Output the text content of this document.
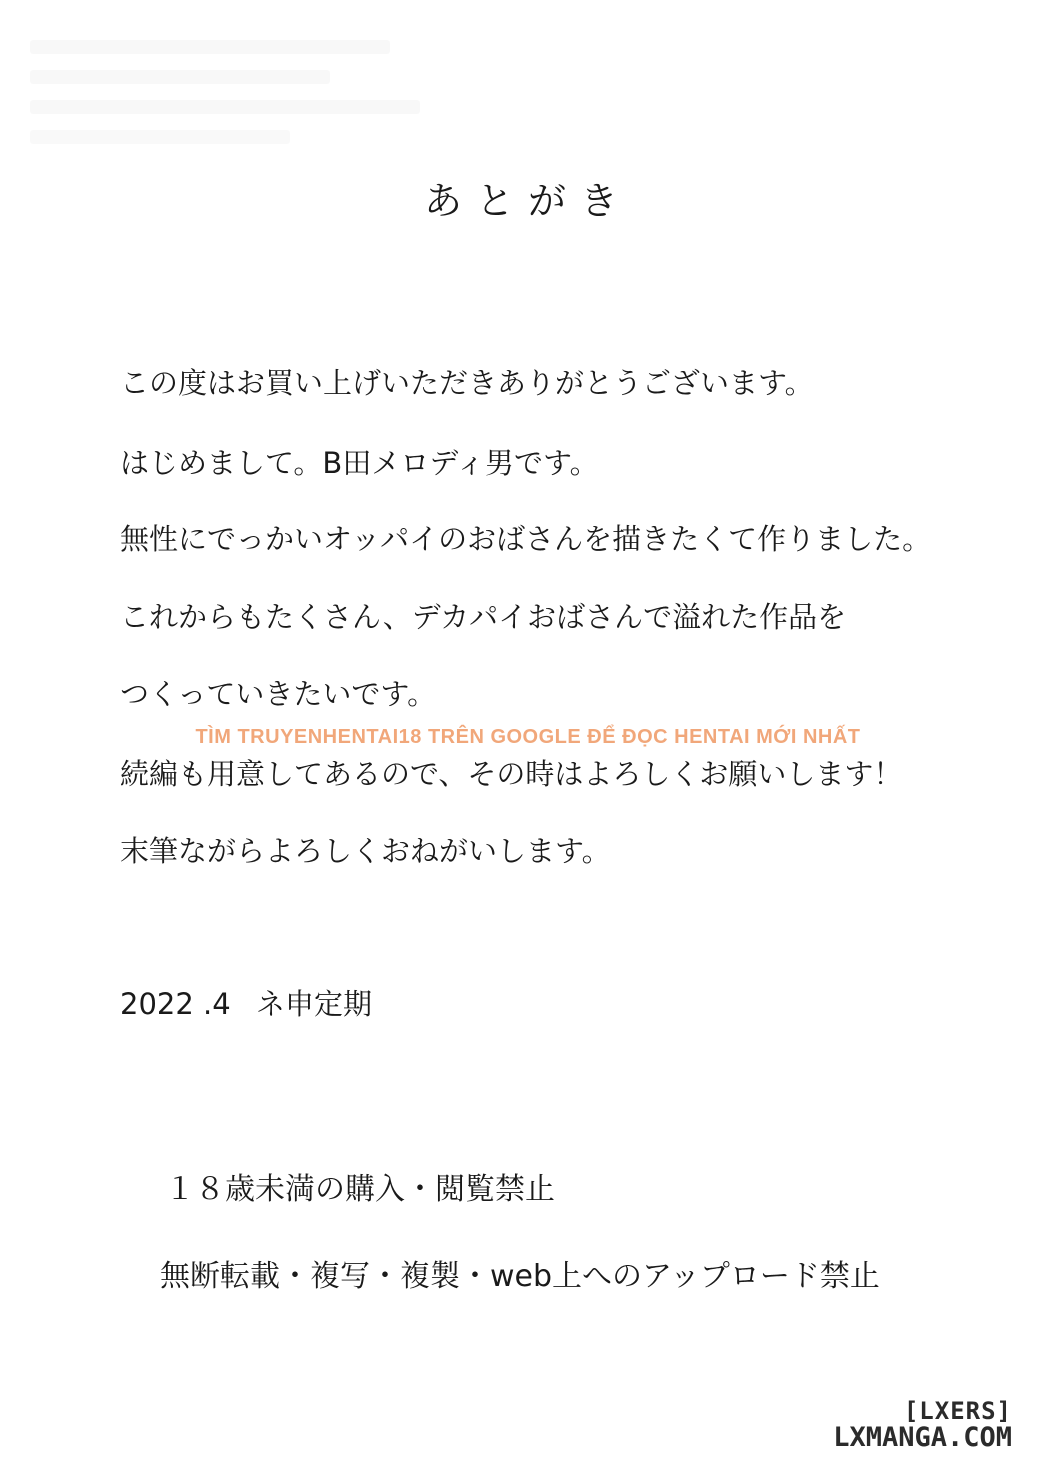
あとがき
この度はお買い上げいただきありがとうございます。
はじめまして。B田メロディ男です。
無性にでっかいオッパイのおばさんを描きたくて作りました。
これからもたくさん、デカパイおばさんで溢れた作品を
つくっていきたいです。
TÌM TRUYENHENTAI18 TRÊN GOOGLE ĐỂ ĐỌC HENTAI MỚI NHẤT
続編も用意してあるので、その時はよろしくお願いします！
末筆ながらよろしくおねがいします。
2022 .4 ネ申定期
１８歳未満の購入・閲覧禁止
無断転載・複写・複製・web上へのアップロード禁止
[LXERS]
LXMANGA.COM
